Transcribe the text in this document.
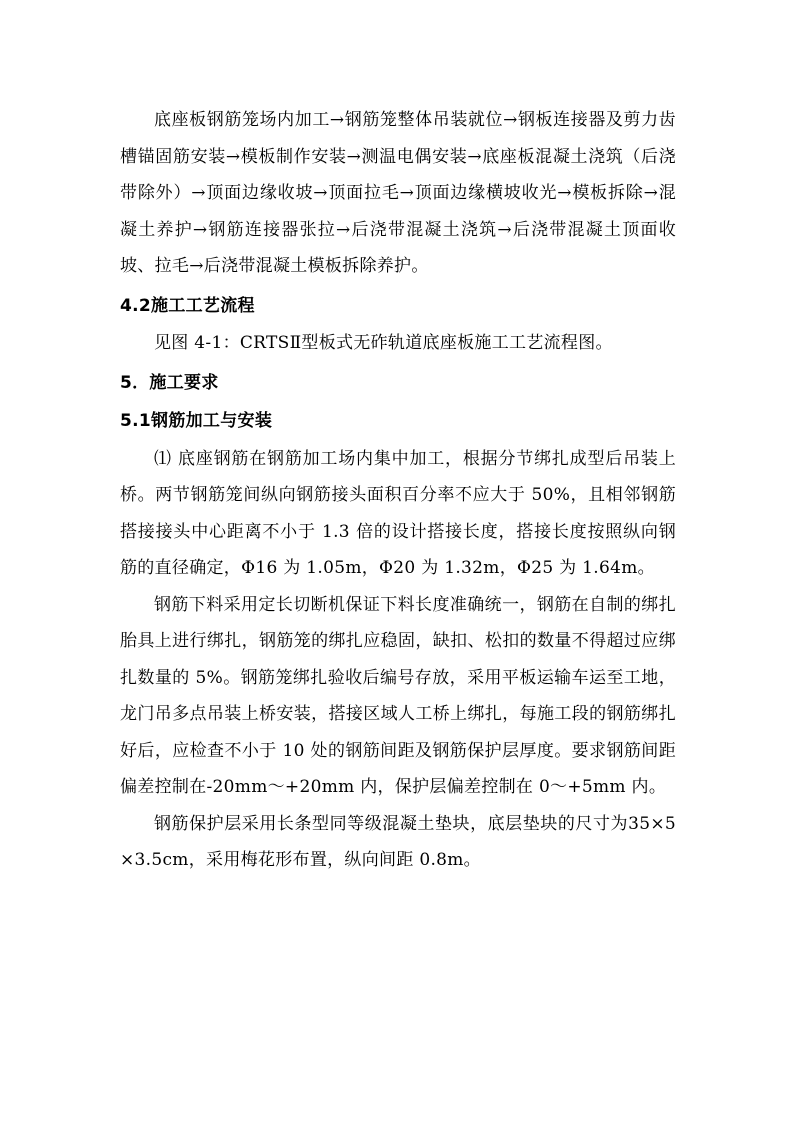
底座板钢筋笼场内加工→钢筋笼整体吊装就位→钢板连接器及剪力齿槽锚固筋安装→模板制作安装→测温电偶安装→底座板混凝土浇筑（后浇带除外）→顶面边缘收坡→顶面拉毛→顶面边缘横坡收光→模板拆除→混凝土养护→钢筋连接器张拉→后浇带混凝土浇筑→后浇带混凝土顶面收坡、拉毛→后浇带混凝土模板拆除养护。

4.2施工工艺流程

见图 4-1：CRTSⅡ型板式无砟轨道底座板施工工艺流程图。

5．施工要求
5.1钢筋加工与安装

⑴ 底座钢筋在钢筋加工场内集中加工，根据分节绑扎成型后吊装上桥。两节钢筋笼间纵向钢筋接头面积百分率不应大于 50%，且相邻钢筋搭接接头中心距离不小于 1.3 倍的设计搭接长度，搭接长度按照纵向钢筋的直径确定，Φ16 为 1.05m，Φ20 为 1.32m，Φ25 为 1.64m。

钢筋下料采用定长切断机保证下料长度准确统一，钢筋在自制的绑扎胎具上进行绑扎，钢筋笼的绑扎应稳固，缺扣、松扣的数量不得超过应绑扎数量的 5%。钢筋笼绑扎验收后编号存放，采用平板运输车运至工地，龙门吊多点吊装上桥安装，搭接区域人工桥上绑扎，每施工段的钢筋绑扎好后，应检查不小于 10 处的钢筋间距及钢筋保护层厚度。要求钢筋间距偏差控制在-20mm～+20mm 内，保护层偏差控制在 0～+5mm 内。

钢筋保护层采用长条型同等级混凝土垫块，底层垫块的尺寸为35×5×3.5cm，采用梅花形布置，纵向间距 0.8m。
